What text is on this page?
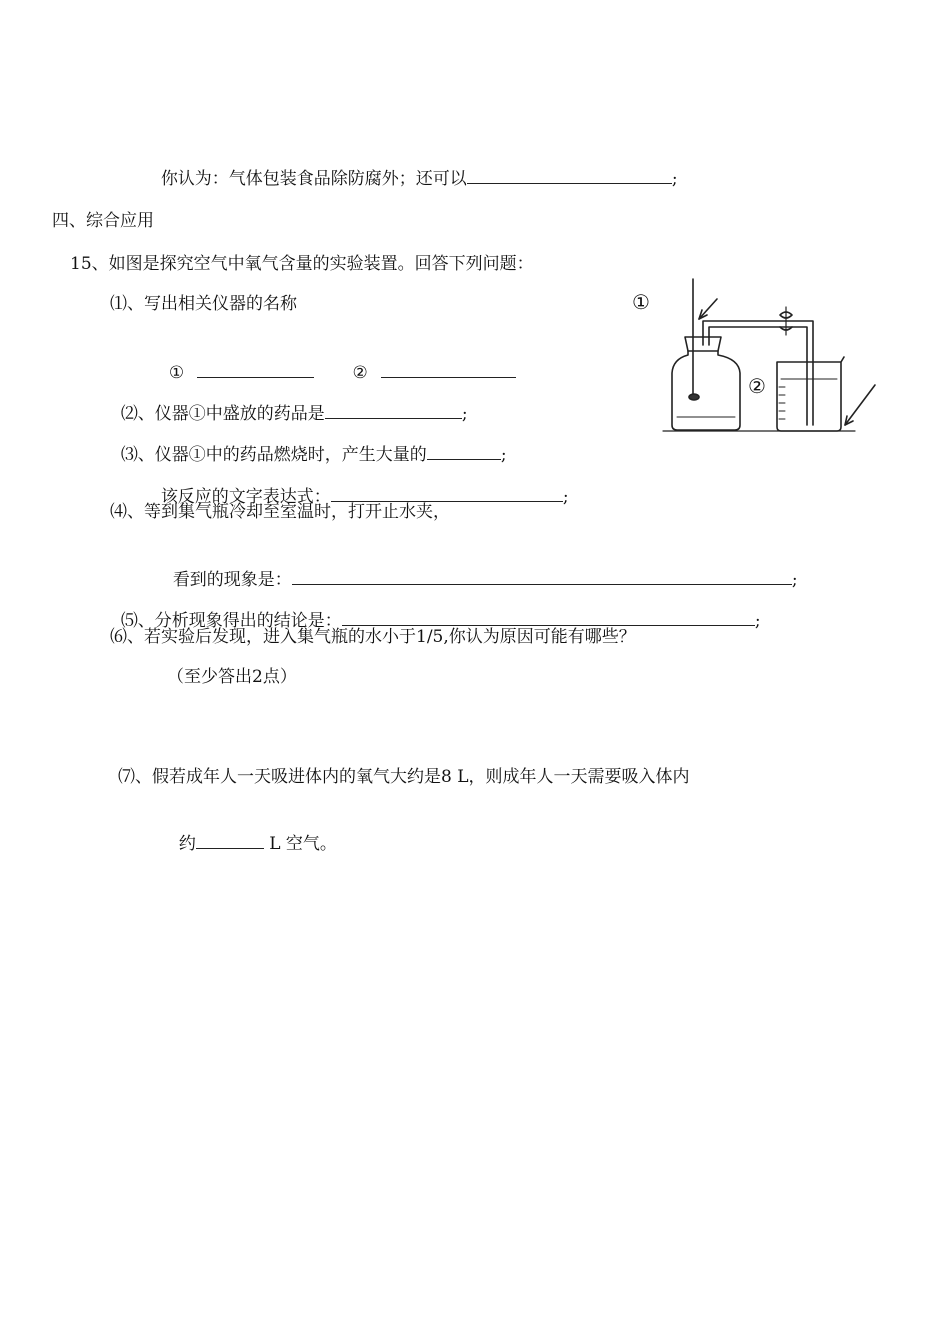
你认为：气体包装食品除防腐外；还可以	;

四、综合应用
15、如图是探究空气中氧气含量的实验装置。回答下列问题：
⑴、写出相关仪器的名称

①	②

⑵、仪器①中盛放的药品是	;

⑶、仪器①中的药品燃烧时，产生大量的	;

该反应的文字表达式：	;

⑷、等到集气瓶冷却至室温时，打开止水夹，

看到的现象是：	;

⑸、分析现象得出的结论是：	;

⑹、若实验后发现，进入集气瓶的水小于1/5,你认为原因可能有哪些？
（至少答出2点）
⑺、假若成年人一天吸进体内的氧气大约是8 L，则成年人一天需要吸入体内

约	L 空气。

①
②
